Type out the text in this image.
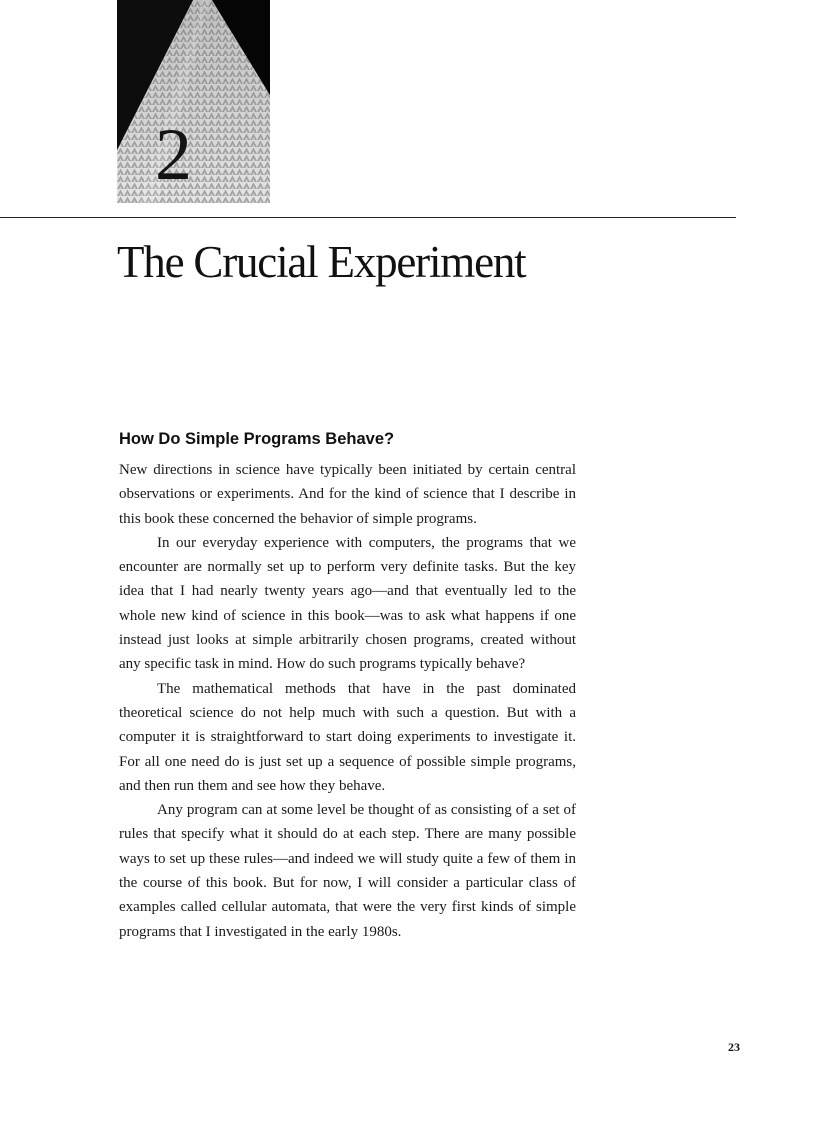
2
The Crucial Experiment
How Do Simple Programs Behave?

New directions in science have typically been initiated by certain central observations or experiments. And for the kind of science that I describe in this book these concerned the behavior of simple programs.

In our everyday experience with computers, the programs that we encounter are normally set up to perform very definite tasks. But the key idea that I had nearly twenty years ago—and that eventually led to the whole new kind of science in this book—was to ask what happens if one instead just looks at simple arbitrarily chosen programs, created without any specific task in mind. How do such programs typically behave?

The mathematical methods that have in the past dominated theoretical science do not help much with such a question. But with a computer it is straightforward to start doing experiments to investigate it. For all one need do is just set up a sequence of possible simple programs, and then run them and see how they behave.

Any program can at some level be thought of as consisting of a set of rules that specify what it should do at each step. There are many possible ways to set up these rules—and indeed we will study quite a few of them in the course of this book. But for now, I will consider a particular class of examples called cellular automata, that were the very first kinds of simple programs that I investigated in the early 1980s.

23
